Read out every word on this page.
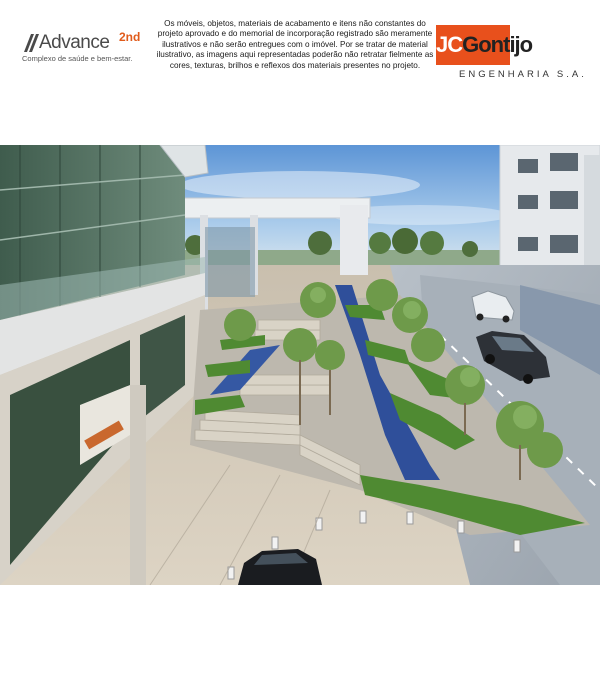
Advance 2nd
Complexo de saúde e bem-estar.
Os móveis, objetos, materiais de acabamento e itens não constantes do projeto aprovado e do memorial de incorporação registrado são meramente ilustrativos e não serão entregues com o imóvel. Por se tratar de material ilustrativo, as imagens aqui representadas poderão não retratar fielmente as cores, texturas, brilhos e reflexos dos materiais presentes no projeto.
JCGontijo
ENGENHARIA S.A.
